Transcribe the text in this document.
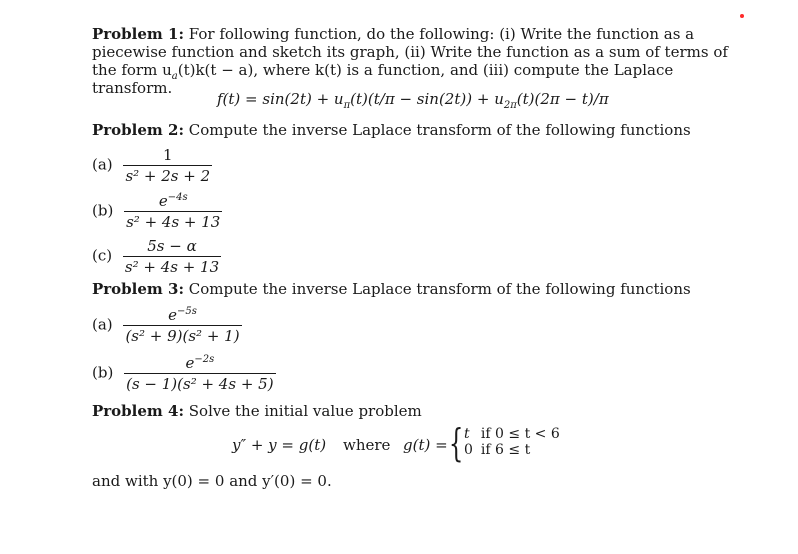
Problem 1: For following function, do the following: (i) Write the function as a piecewise function and sketch its graph, (ii) Write the function as a sum of terms of the form $u_a(t)k(t - a)$, where k(t) is a function, and (iii) compute the Laplace transform.
$f(t) = \sin(2t) + u_\pi(t)(t/\pi - \sin(2t)) + u_{2\pi}(t)(2\pi - t)/\pi$
Problem 2: Compute the inverse Laplace transform of the following functions
$(a) \frac{1}{\text{s² + 2s + 2}}$
$(b) \frac{e^{-4s}}{\text{s² + 4s + 13}}$
$(c) \frac{5s - \alpha}{\text{s² + 4s + 13}}$
Problem 3: Compute the inverse Laplace transform of the following functions
$(a) \frac{e^{-5s}}{\text{(s² + 9)(s² + 1)}}$
$(b) \frac{e^{-2s}}{\text{(s − 1)(s² + 4s + 5)}}$
Problem 4: Solve the initial value problem
y″ + y = g(t) where g(t) = { t	if 0 ≤ t < 6
0	if 6 ≤ t
and with y(0) = 0 and y′(0) = 0.
